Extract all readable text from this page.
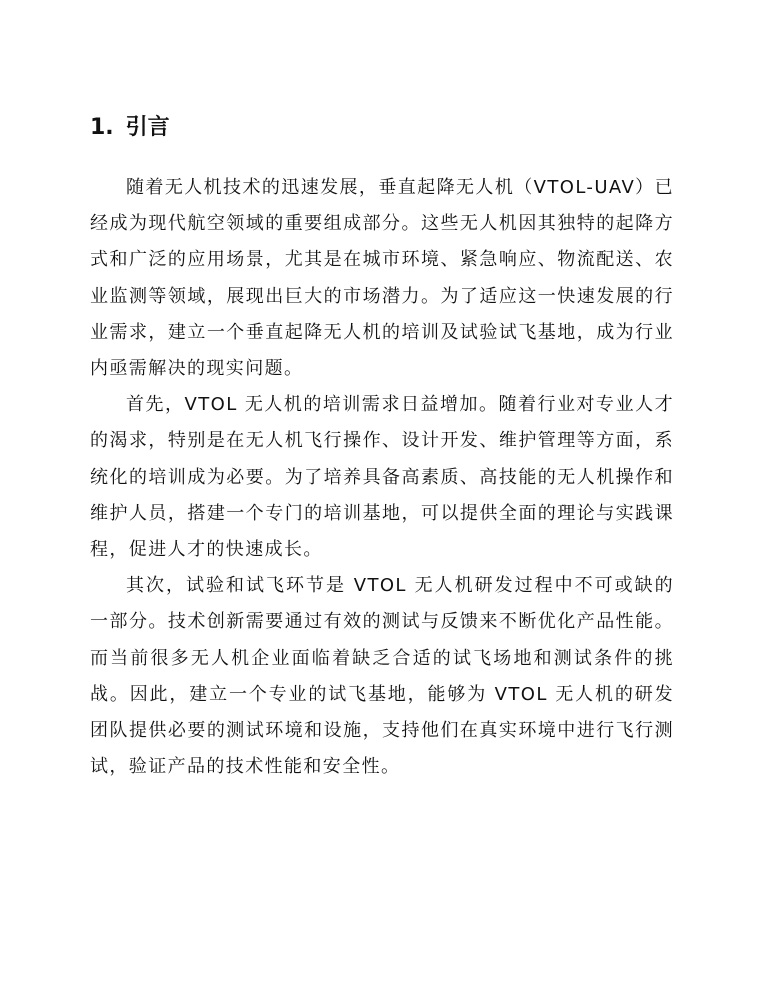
1. 引言

随着无人机技术的迅速发展，垂直起降无人机（VTOL-UAV）已经成为现代航空领域的重要组成部分。这些无人机因其独特的起降方式和广泛的应用场景，尤其是在城市环境、紧急响应、物流配送、农业监测等领域，展现出巨大的市场潜力。为了适应这一快速发展的行业需求，建立一个垂直起降无人机的培训及试验试飞基地，成为行业内亟需解决的现实问题。

首先，VTOL 无人机的培训需求日益增加。随着行业对专业人才的渴求，特别是在无人机飞行操作、设计开发、维护管理等方面，系统化的培训成为必要。为了培养具备高素质、高技能的无人机操作和维护人员，搭建一个专门的培训基地，可以提供全面的理论与实践课程，促进人才的快速成长。

其次，试验和试飞环节是 VTOL 无人机研发过程中不可或缺的一部分。技术创新需要通过有效的测试与反馈来不断优化产品性能。而当前很多无人机企业面临着缺乏合适的试飞场地和测试条件的挑战。因此，建立一个专业的试飞基地，能够为 VTOL 无人机的研发团队提供必要的测试环境和设施，支持他们在真实环境中进行飞行测试，验证产品的技术性能和安全性。
